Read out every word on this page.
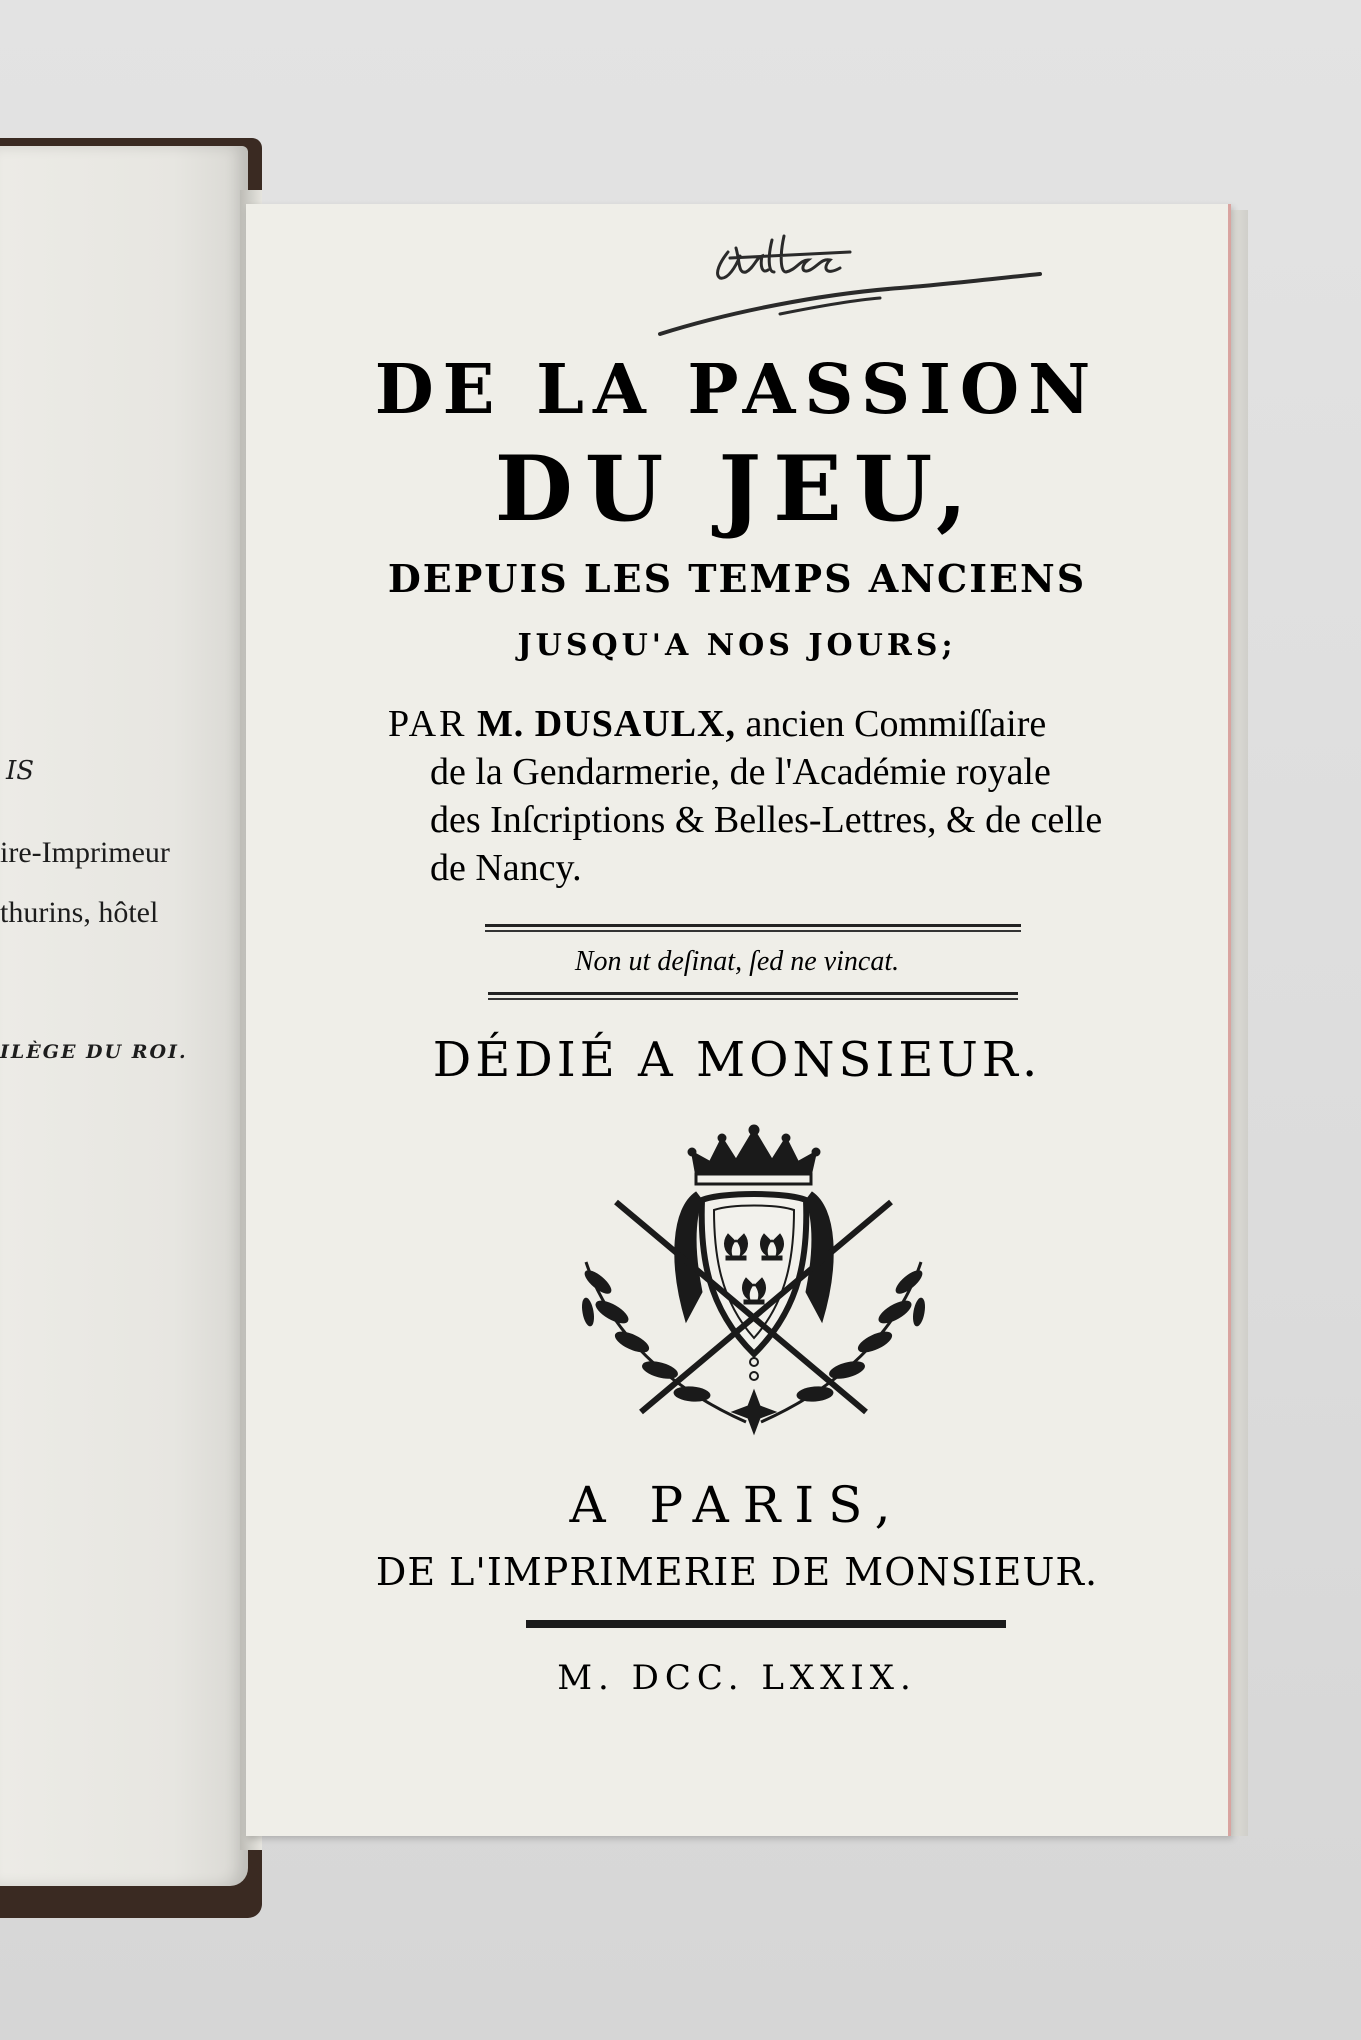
IS
ire-Imprimeur
thurins, hôtel
ILÈGE DU ROI.
DE LA PASSION
DU JEU,
DEPUIS LES TEMPS ANCIENS
JUSQU'A NOS JOURS;
PAR M. DUSAULX, ancien Commiſſaire
de la Gendarmerie, de l'Académie royale
des Inſcriptions & Belles-Lettres, & de celle
de Nancy.
Non ut deſinat, ſed ne vincat.
DÉDIÉ A MONSIEUR.
A PARIS,
DE L'IMPRIMERIE DE MONSIEUR.
M. DCC. LXXIX.
